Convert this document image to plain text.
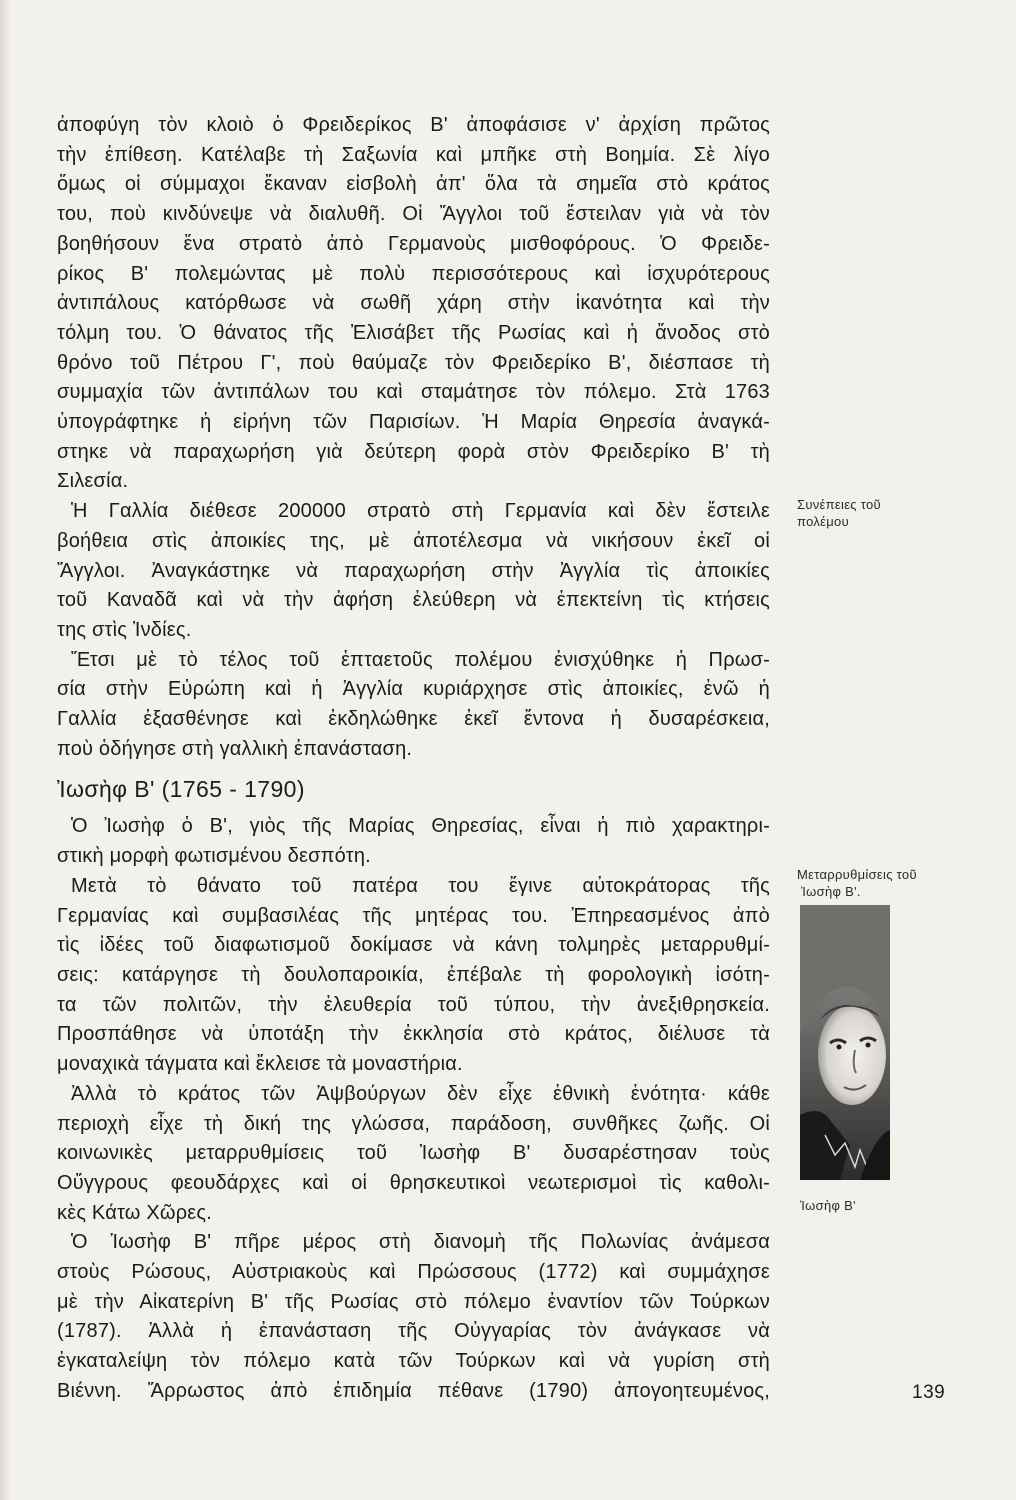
ἀποφύγη τὸν κλοιὸ ὁ Φρειδερίκος Β' ἀποφάσισε ν' ἀρχίση πρῶτος

τὴν ἐπίθεση. Κατέλαβε τὴ Σαξωνία καὶ μπῆκε στὴ Βοημία. Σὲ λίγο

ὅμως οἱ σύμμαχοι ἔκαναν εἰσβολὴ ἀπ' ὅλα τὰ σημεῖα στὸ κράτος

του, ποὺ κινδύνεψε νὰ διαλυθῆ. Οἱ Ἄγγλοι τοῦ ἔστειλαν γιὰ νὰ τὸν

βοηθήσουν ἕνα στρατὸ ἀπὸ Γερμανοὺς μισθοφόρους. Ὁ Φρειδε-

ρίκος Β' πολεμώντας μὲ πολὺ περισσότερους καὶ ἰσχυρότερους

ἀντιπάλους κατόρθωσε νὰ σωθῆ χάρη στὴν ἱκανότητα καὶ τὴν

τόλμη του. Ὁ θάνατος τῆς Ἐλισάβετ τῆς Ρωσίας καὶ ἡ ἄνοδος στὸ

θρόνο τοῦ Πέτρου Γ', ποὺ θαύμαζε τὸν Φρειδερίκο Β', διέσπασε τὴ

συμμαχία τῶν ἀντιπάλων του καὶ σταμάτησε τὸν πόλεμο. Στὰ 1763

ὑπογράφτηκε ἡ εἰρήνη τῶν Παρισίων. Ἡ Μαρία Θηρεσία ἀναγκά-

στηκε νὰ παραχωρήση γιὰ δεύτερη φορὰ στὸν Φρειδερίκο Β' τὴ

Σιλεσία.

Ἡ Γαλλία διέθεσε 200000 στρατὸ στὴ Γερμανία καὶ δὲν ἔστειλε

βοήθεια στὶς ἀποικίες της, μὲ ἀποτέλεσμα νὰ νικήσουν ἐκεῖ οἱ

Ἄγγλοι. Ἀναγκάστηκε νὰ παραχωρήση στὴν Ἀγγλία τὶς ἀποικίες

τοῦ Καναδᾶ καὶ νὰ τὴν ἀφήση ἐλεύθερη νὰ ἐπεκτείνη τὶς κτήσεις

της στὶς Ἰνδίες.

Ἔτσι μὲ τὸ τέλος τοῦ ἑπταετοῦς πολέμου ἐνισχύθηκε ἡ Πρωσ-

σία στὴν Εὐρώπη καὶ ἡ Ἀγγλία κυριάρχησε στὶς ἀποικίες, ἐνῶ ἡ

Γαλλία ἐξασθένησε καὶ ἐκδηλώθηκε ἐκεῖ ἔντονα ἡ δυσαρέσκεια,

ποὺ ὁδήγησε στὴ γαλλικὴ ἐπανάσταση.

Ἰωσὴφ Β' (1765 - 1790)

Ὁ Ἰωσὴφ ὁ Β', γιὸς τῆς Μαρίας Θηρεσίας, εἶναι ἡ πιὸ χαρακτηρι-

στικὴ μορφὴ φωτισμένου δεσπότη.

Μετὰ τὸ θάνατο τοῦ πατέρα του ἔγινε αὐτοκράτορας τῆς

Γερμανίας καὶ συμβασιλέας τῆς μητέρας του. Ἐπηρεασμένος ἀπὸ

τὶς ἰδέες τοῦ διαφωτισμοῦ δοκίμασε νὰ κάνη τολμηρὲς μεταρρυθμί-

σεις: κατάργησε τὴ δουλοπαροικία, ἐπέβαλε τὴ φορολογικὴ ἰσότη-

τα τῶν πολιτῶν, τὴν ἐλευθερία τοῦ τύπου, τὴν ἀνεξιθρησκεία.

Προσπάθησε νὰ ὑποτάξη τὴν ἐκκλησία στὸ κράτος, διέλυσε τὰ

μοναχικὰ τάγματα καὶ ἔκλεισε τὰ μοναστήρια.

Ἀλλὰ τὸ κράτος τῶν Ἀψβούργων δὲν εἶχε ἐθνικὴ ἑνότητα· κάθε

περιοχὴ εἶχε τὴ δική της γλώσσα, παράδοση, συνθῆκες ζωῆς. Οἱ

κοινωνικὲς μεταρρυθμίσεις τοῦ Ἰωσὴφ Β' δυσαρέστησαν τοὺς

Οὔγγρους φεουδάρχες καὶ οἱ θρησκευτικοὶ νεωτερισμοὶ τὶς καθολι-

κὲς Κάτω Χῶρες.

Ὁ Ἰωσὴφ Β' πῆρε μέρος στὴ διανομὴ τῆς Πολωνίας ἀνάμεσα

στοὺς Ρώσους, Αὐστριακοὺς καὶ Πρώσσους (1772) καὶ συμμάχησε

μὲ τὴν Αἰκατερίνη Β' τῆς Ρωσίας στὸ πόλεμο ἐναντίον τῶν Τούρκων

(1787). Ἀλλὰ ἡ ἐπανάσταση τῆς Οὐγγαρίας τὸν ἀνάγκασε νὰ

ἐγκαταλείψη τὸν πόλεμο κατὰ τῶν Τούρκων καὶ νὰ γυρίση στὴ

Βιέννη. Ἄρρωστος ἀπὸ ἐπιδημία πέθανε (1790) ἀπογοητευμένος,

Συνέπειες τοῦ
πολέμου
Μεταρρυθμίσεις τοῦ
Ἰωσὴφ Β'.
Ἰωσὴφ Β'
139
